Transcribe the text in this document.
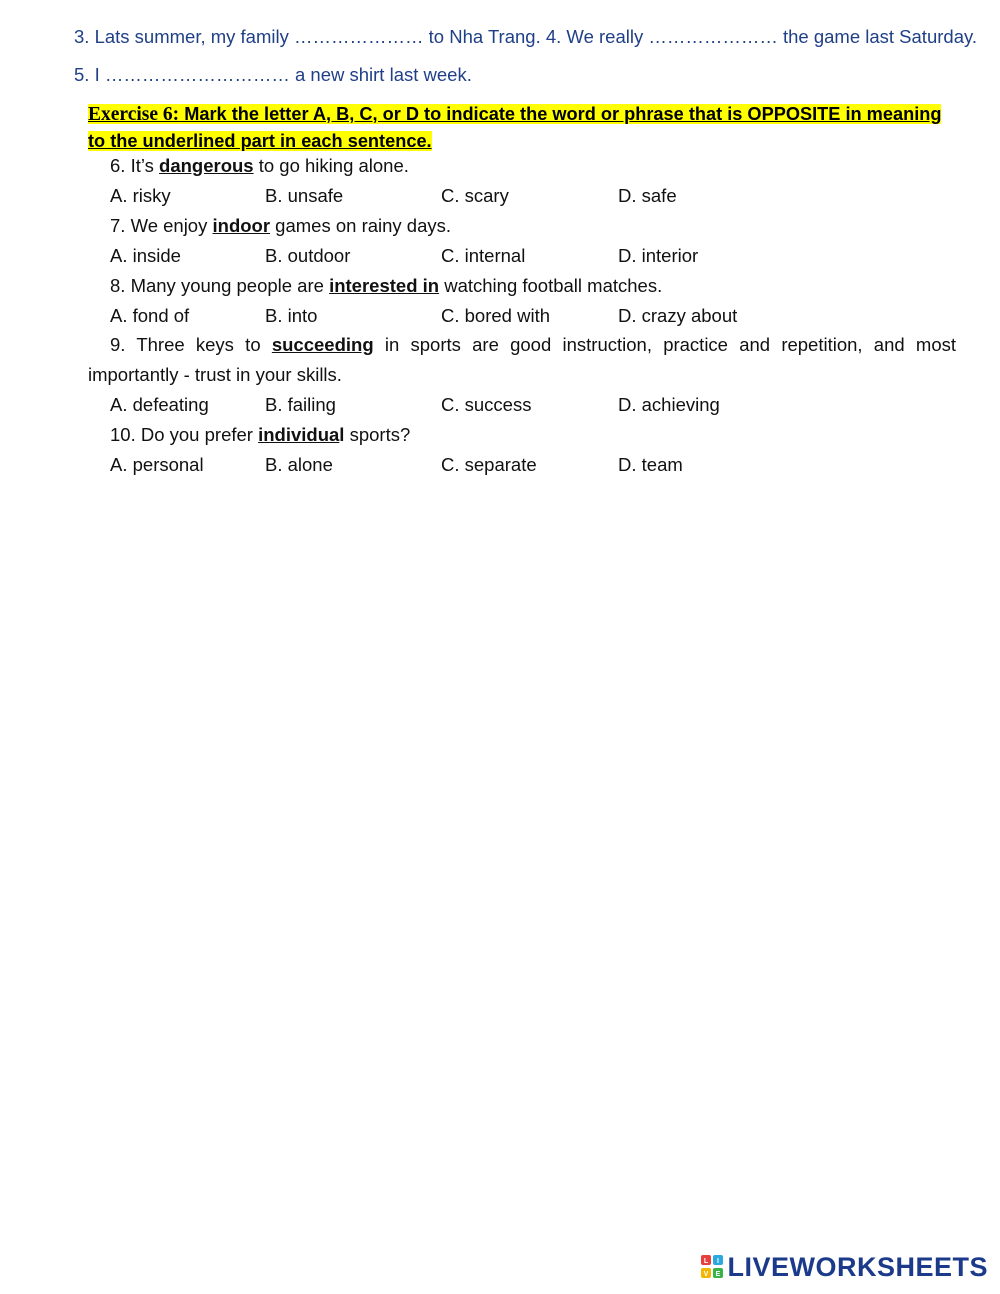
3. Lats summer, my family ………………… to Nha Trang. 4. We really ………………… the game last Saturday.
5. I ………………………… a new shirt last week.
Exercise 6: Mark the letter A, B, C, or D to indicate the word or phrase that is OPPOSITE in meaning to the underlined part in each sentence.
6. It’s dangerous to go hiking alone.
A. risky	B. unsafe	C. scary	D. safe
7. We enjoy indoor games on rainy days.
A. inside	B. outdoor	C. internal	D. interior
8. Many young people are interested in watching football matches.
A. fond of	B. into	C. bored with	D. crazy about
9. Three keys to succeeding in sports are good instruction, practice and repetition, and most importantly - trust in your skills.
A. defeating	B. failing	C. success	D. achieving
10. Do you prefer individual sports?
A. personal	B. alone	C. separate	D. team
L I
V E LIVEWORKSHEETS
